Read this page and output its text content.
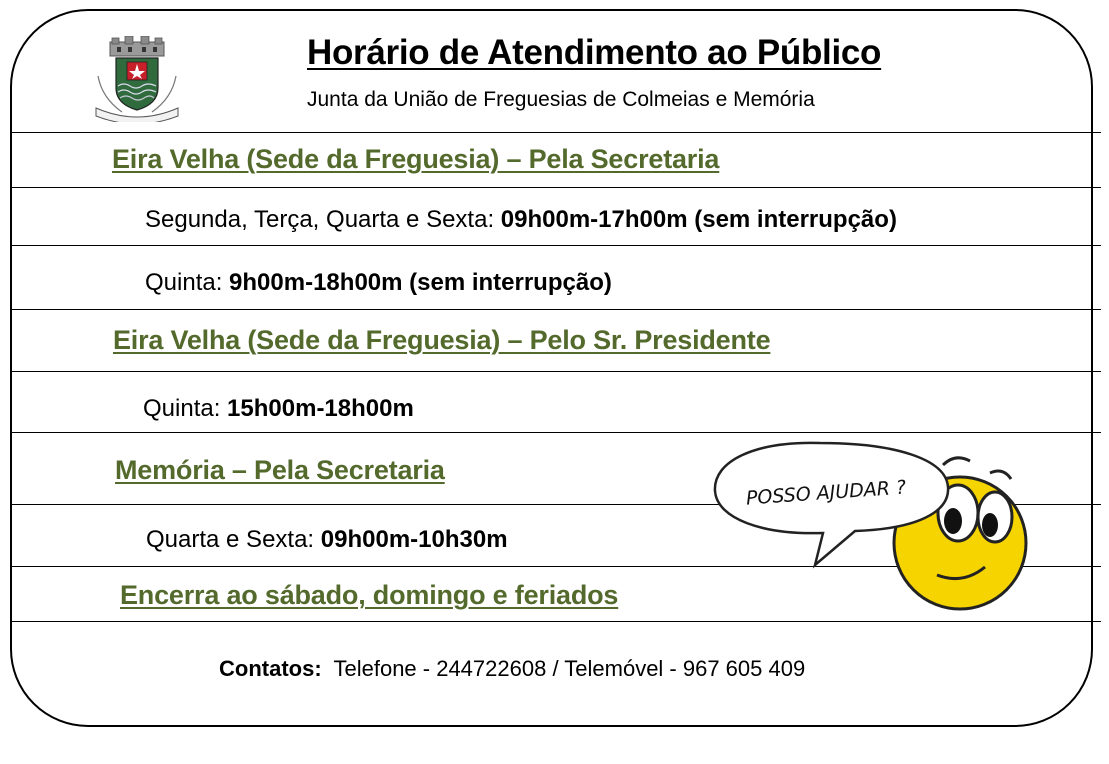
Horário de Atendimento ao Público
Junta da União de Freguesias de Colmeias e Memória
Eira Velha (Sede da Freguesia) – Pela Secretaria
Segunda, Terça, Quarta e Sexta: 09h00m-17h00m (sem interrupção)
Quinta: 9h00m-18h00m (sem interrupção)
Eira Velha (Sede da Freguesia) – Pelo Sr. Presidente
Quinta: 15h00m-18h00m
Memória – Pela Secretaria
Quarta e Sexta: 09h00m-10h30m
Encerra ao sábado, domingo e feriados
POSSO AJUDAR ?
Contatos:  Telefone - 244722608 / Telemóvel - 967 605 409
